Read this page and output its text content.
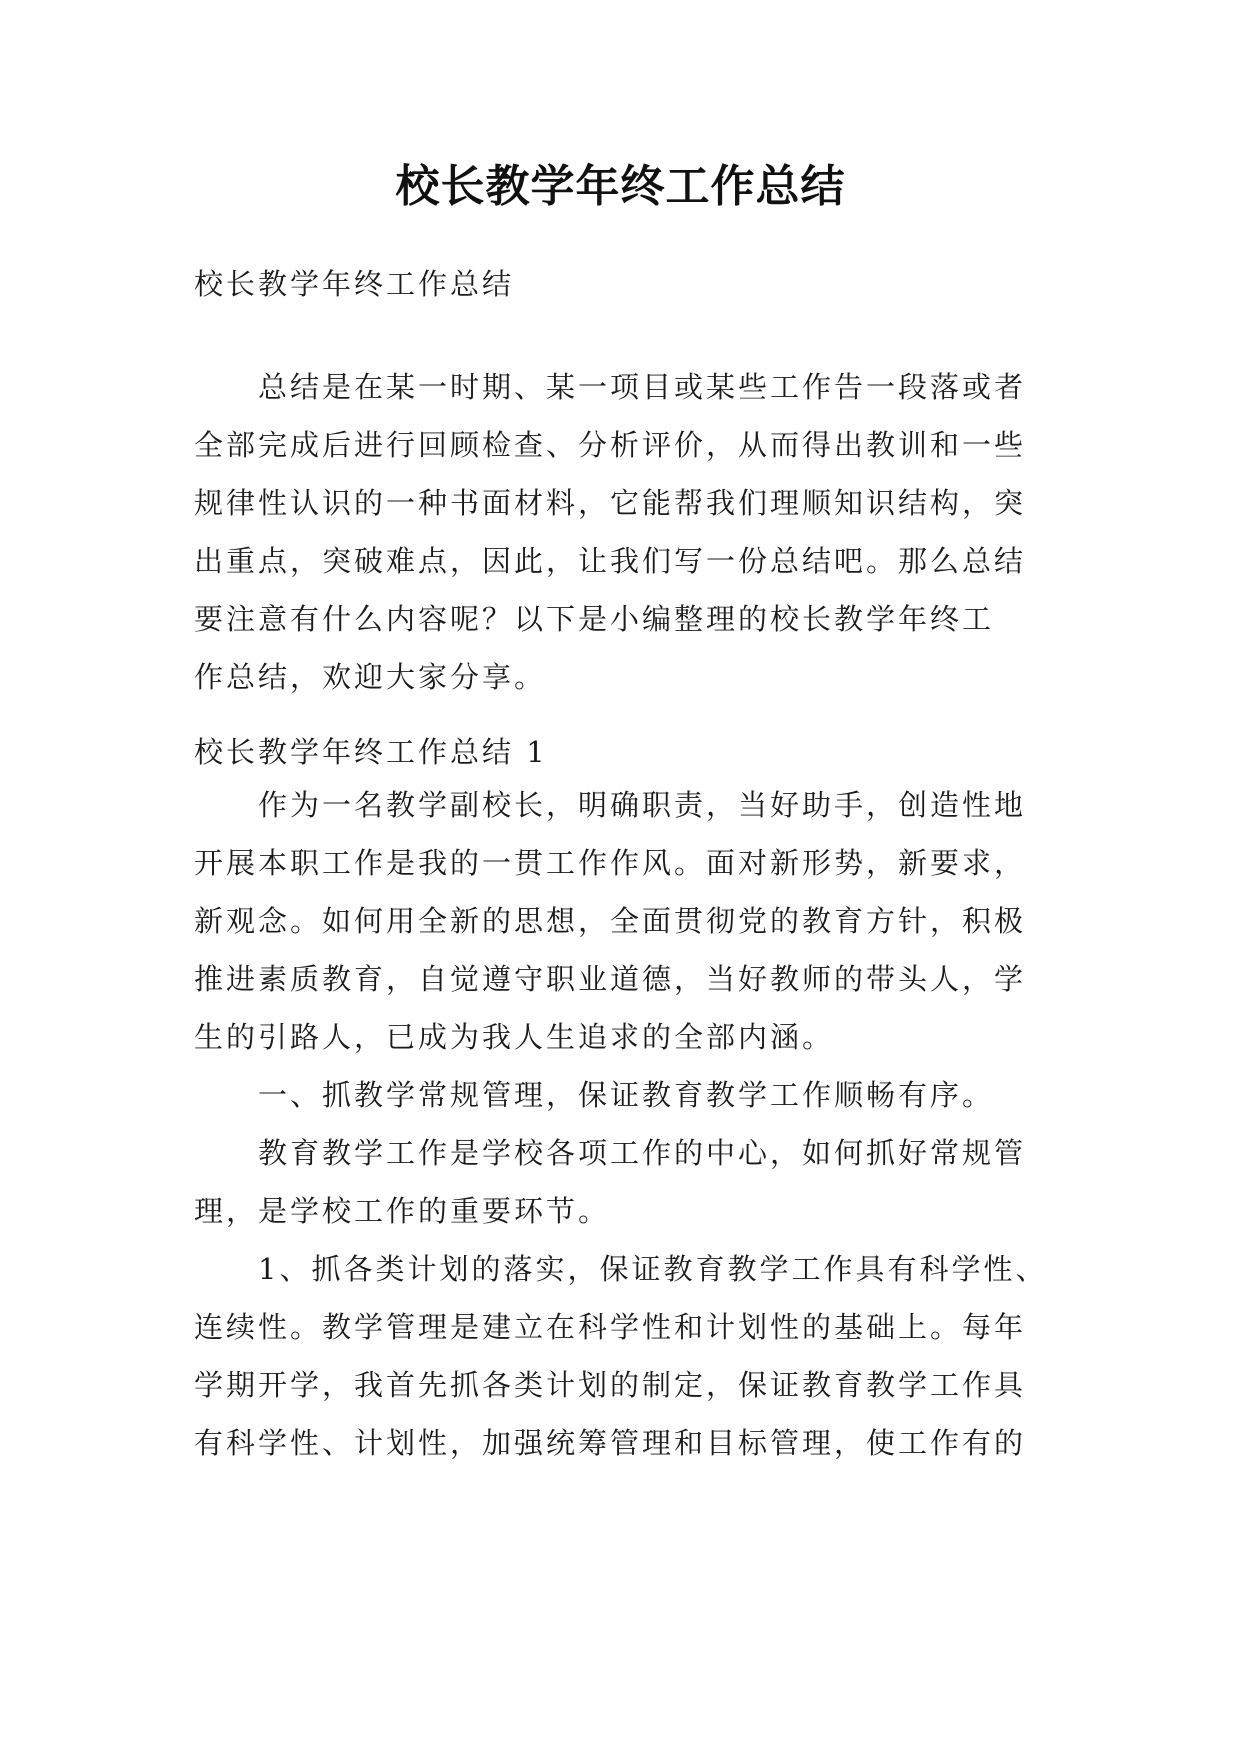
校长教学年终工作总结
校长教学年终工作总结
　　总结是在某一时期、某一项目或某些工作告一段落或者
全部完成后进行回顾检查、分析评价，从而得出教训和一些
规律性认识的一种书面材料，它能帮我们理顺知识结构，突
出重点，突破难点，因此，让我们写一份总结吧。那么总结
要注意有什么内容呢？以下是小编整理的校长教学年终工
作总结，欢迎大家分享。
校长教学年终工作总结 1
　　作为一名教学副校长，明确职责，当好助手，创造性地
开展本职工作是我的一贯工作作风。面对新形势，新要求，
新观念。如何用全新的思想，全面贯彻党的教育方针，积极
推进素质教育，自觉遵守职业道德，当好教师的带头人，学
生的引路人，已成为我人生追求的全部内涵。
　　一、抓教学常规管理，保证教育教学工作顺畅有序。
　　教育教学工作是学校各项工作的中心，如何抓好常规管
理，是学校工作的重要环节。
　　1、抓各类计划的落实，保证教育教学工作具有科学性、
连续性。教学管理是建立在科学性和计划性的基础上。每年
学期开学，我首先抓各类计划的制定，保证教育教学工作具
有科学性、计划性，加强统筹管理和目标管理，使工作有的
